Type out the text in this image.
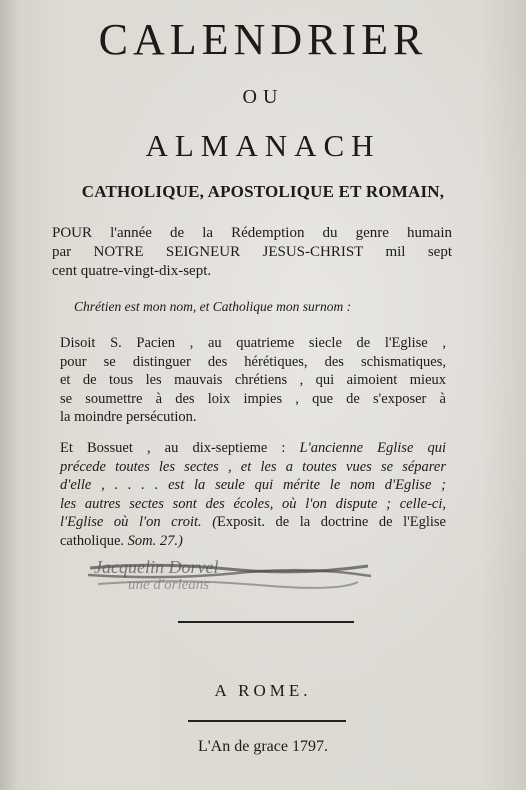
CALENDRIER
OU
ALMANACH
CATHOLIQUE, APOSTOLIQUE ET ROMAIN,
POUR l'année de la Rédemption du genre humain
par NOTRE SEIGNEUR JESUS-CHRIST mil sept
cent quatre-vingt-dix-sept.
Chrétien est mon nom, et Catholique mon surnom :
Disoit S. Pacien , au quatrieme siecle de l'Eglise ,
pour se distinguer des hérétiques, des schismatiques,
et de tous les mauvais chrétiens , qui aimoient mieux
se soumettre à des loix impies , que de s'exposer à
la moindre persécution.
Et Bossuet , au dix-septieme : L'ancienne Eglise qui
précede toutes les sectes , et les a toutes vues se séparer
d'elle , . . . . est la seule qui mérite le nom d'Eglise ;
les autres sectes sont des écoles, où l'on dispute ; celle-ci,
l'Eglise où l'on croit. (Exposit. de la doctrine de l'Eglise
catholique. Som. 27.)
Jacquelin Dorvel
une d'orleans
A ROME.
L'An de grace 1797.
